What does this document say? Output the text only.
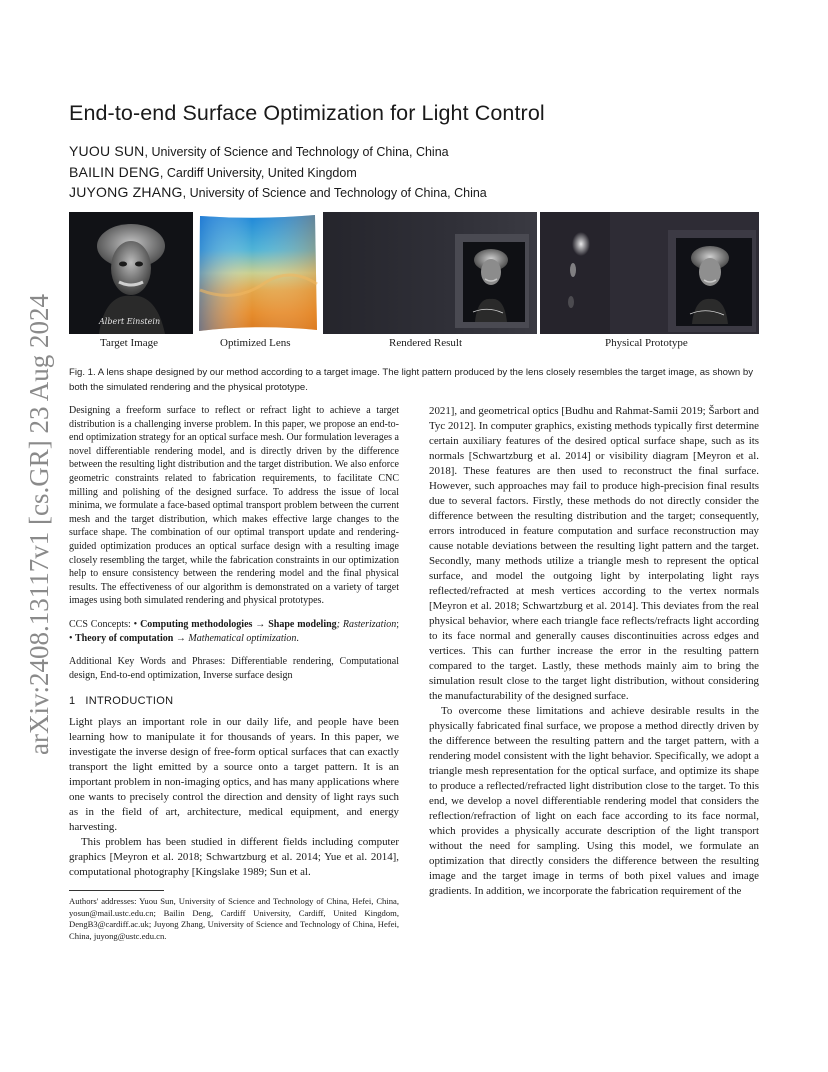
arXiv:2408.13117v1 [cs.GR] 23 Aug 2024
End-to-end Surface Optimization for Light Control
YUOU SUN, University of Science and Technology of China, China
BAILIN DENG, Cardiff University, United Kingdom
JUYONG ZHANG, University of Science and Technology of China, China
Albert Einstein
Target Image	Optimized Lens	Rendered Result	Physical Prototype
Fig. 1. A lens shape designed by our method according to a target image. The light pattern produced by the lens closely resembles the target image, as shown by both the simulated rendering and the physical prototype.

Designing a freeform surface to reflect or refract light to achieve a target distribution is a challenging inverse problem. In this paper, we propose an end-to-end optimization strategy for an optical surface mesh. Our formulation leverages a novel differentiable rendering model, and is directly driven by the difference between the resulting light distribution and the target distribution. We also enforce geometric constraints related to fabrication requirements, to facilitate CNC milling and polishing of the designed surface. To address the issue of local minima, we formulate a face-based optimal transport problem between the current mesh and the target distribution, which makes effective large changes to the surface shape. The combination of our optimal transport update and rendering-guided optimization produces an optical surface design with a resulting image closely resembling the target, while the fabrication constraints in our optimization help to ensure consistency between the rendering model and the final physical results. The effectiveness of our algorithm is demonstrated on a variety of target images using both simulated rendering and physical prototypes.

CCS Concepts: • Computing methodologies → Shape modeling; Rasterization; • Theory of computation → Mathematical optimization.

Additional Key Words and Phrases: Differentiable rendering, Computational design, End-to-end optimization, Inverse surface design

1 INTRODUCTION

Light plays an important role in our daily life, and people have been learning how to manipulate it for thousands of years. In this paper, we investigate the inverse design of free-form optical surfaces that can exactly transport the light emitted by a source onto a target pattern. It is an important problem in non-imaging optics, and has many applications where one wants to precisely control the direction and density of light rays such as in the field of art, architecture, medical equipment, and energy harvesting.

This problem has been studied in different fields including computer graphics [Meyron et al. 2018; Schwartzburg et al. 2014; Yue et al. 2014], computational photography [Kingslake 1989; Sun et al.

Authors' addresses: Yuou Sun, University of Science and Technology of China, Hefei, China, yosun@mail.ustc.edu.cn; Bailin Deng, Cardiff University, Cardiff, United Kingdom, DengB3@cardiff.ac.uk; Juyong Zhang, University of Science and Technology of China, Hefei, China, juyong@ustc.edu.cn.

2021], and geometrical optics [Budhu and Rahmat-Samii 2019; Šarbort and Tyc 2012]. In computer graphics, existing methods typically first determine certain auxiliary features of the desired optical surface shape, such as its normals [Schwartzburg et al. 2014] or visibility diagram [Meyron et al. 2018]. These features are then used to reconstruct the final surface. However, such approaches may fail to produce high-precision final results due to several factors. Firstly, these methods do not directly consider the difference between the resulting distribution and the target; consequently, errors introduced in feature computation and surface reconstruction may cause notable deviations between the resulting light pattern and the target. Secondly, many methods utilize a triangle mesh to represent the optical surface, and model the outgoing light by interpolating light rays reflected/refracted at mesh vertices according to the vertex normals [Meyron et al. 2018; Schwartzburg et al. 2014]. This deviates from the real physical behavior, where each triangle face reflects/refracts light according to its face normal and generally causes discontinuities across edges and vertices. This can further increase the error in the resulting pattern compared to the target. Lastly, these methods mainly aim to bring the simulation result close to the target light distribution, without considering the manufacturability of the designed surface.

To overcome these limitations and achieve desirable results in the physically fabricated final surface, we propose a method directly driven by the difference between the resulting pattern and the target pattern, with a rendering model consistent with the light behavior. Specifically, we adopt a triangle mesh representation for the optical surface, and optimize its shape to produce a reflected/refracted light distribution close to the target. To this end, we develop a novel differentiable rendering model that considers the reflection/refraction of light on each face according to its face normal, which provides a physically accurate description of the light transport without the need for sampling. Using this model, we formulate an optimization that directly considers the difference between the resulting image and the target image in terms of both pixel values and image gradients. In addition, we incorporate the fabrication requirement of the
